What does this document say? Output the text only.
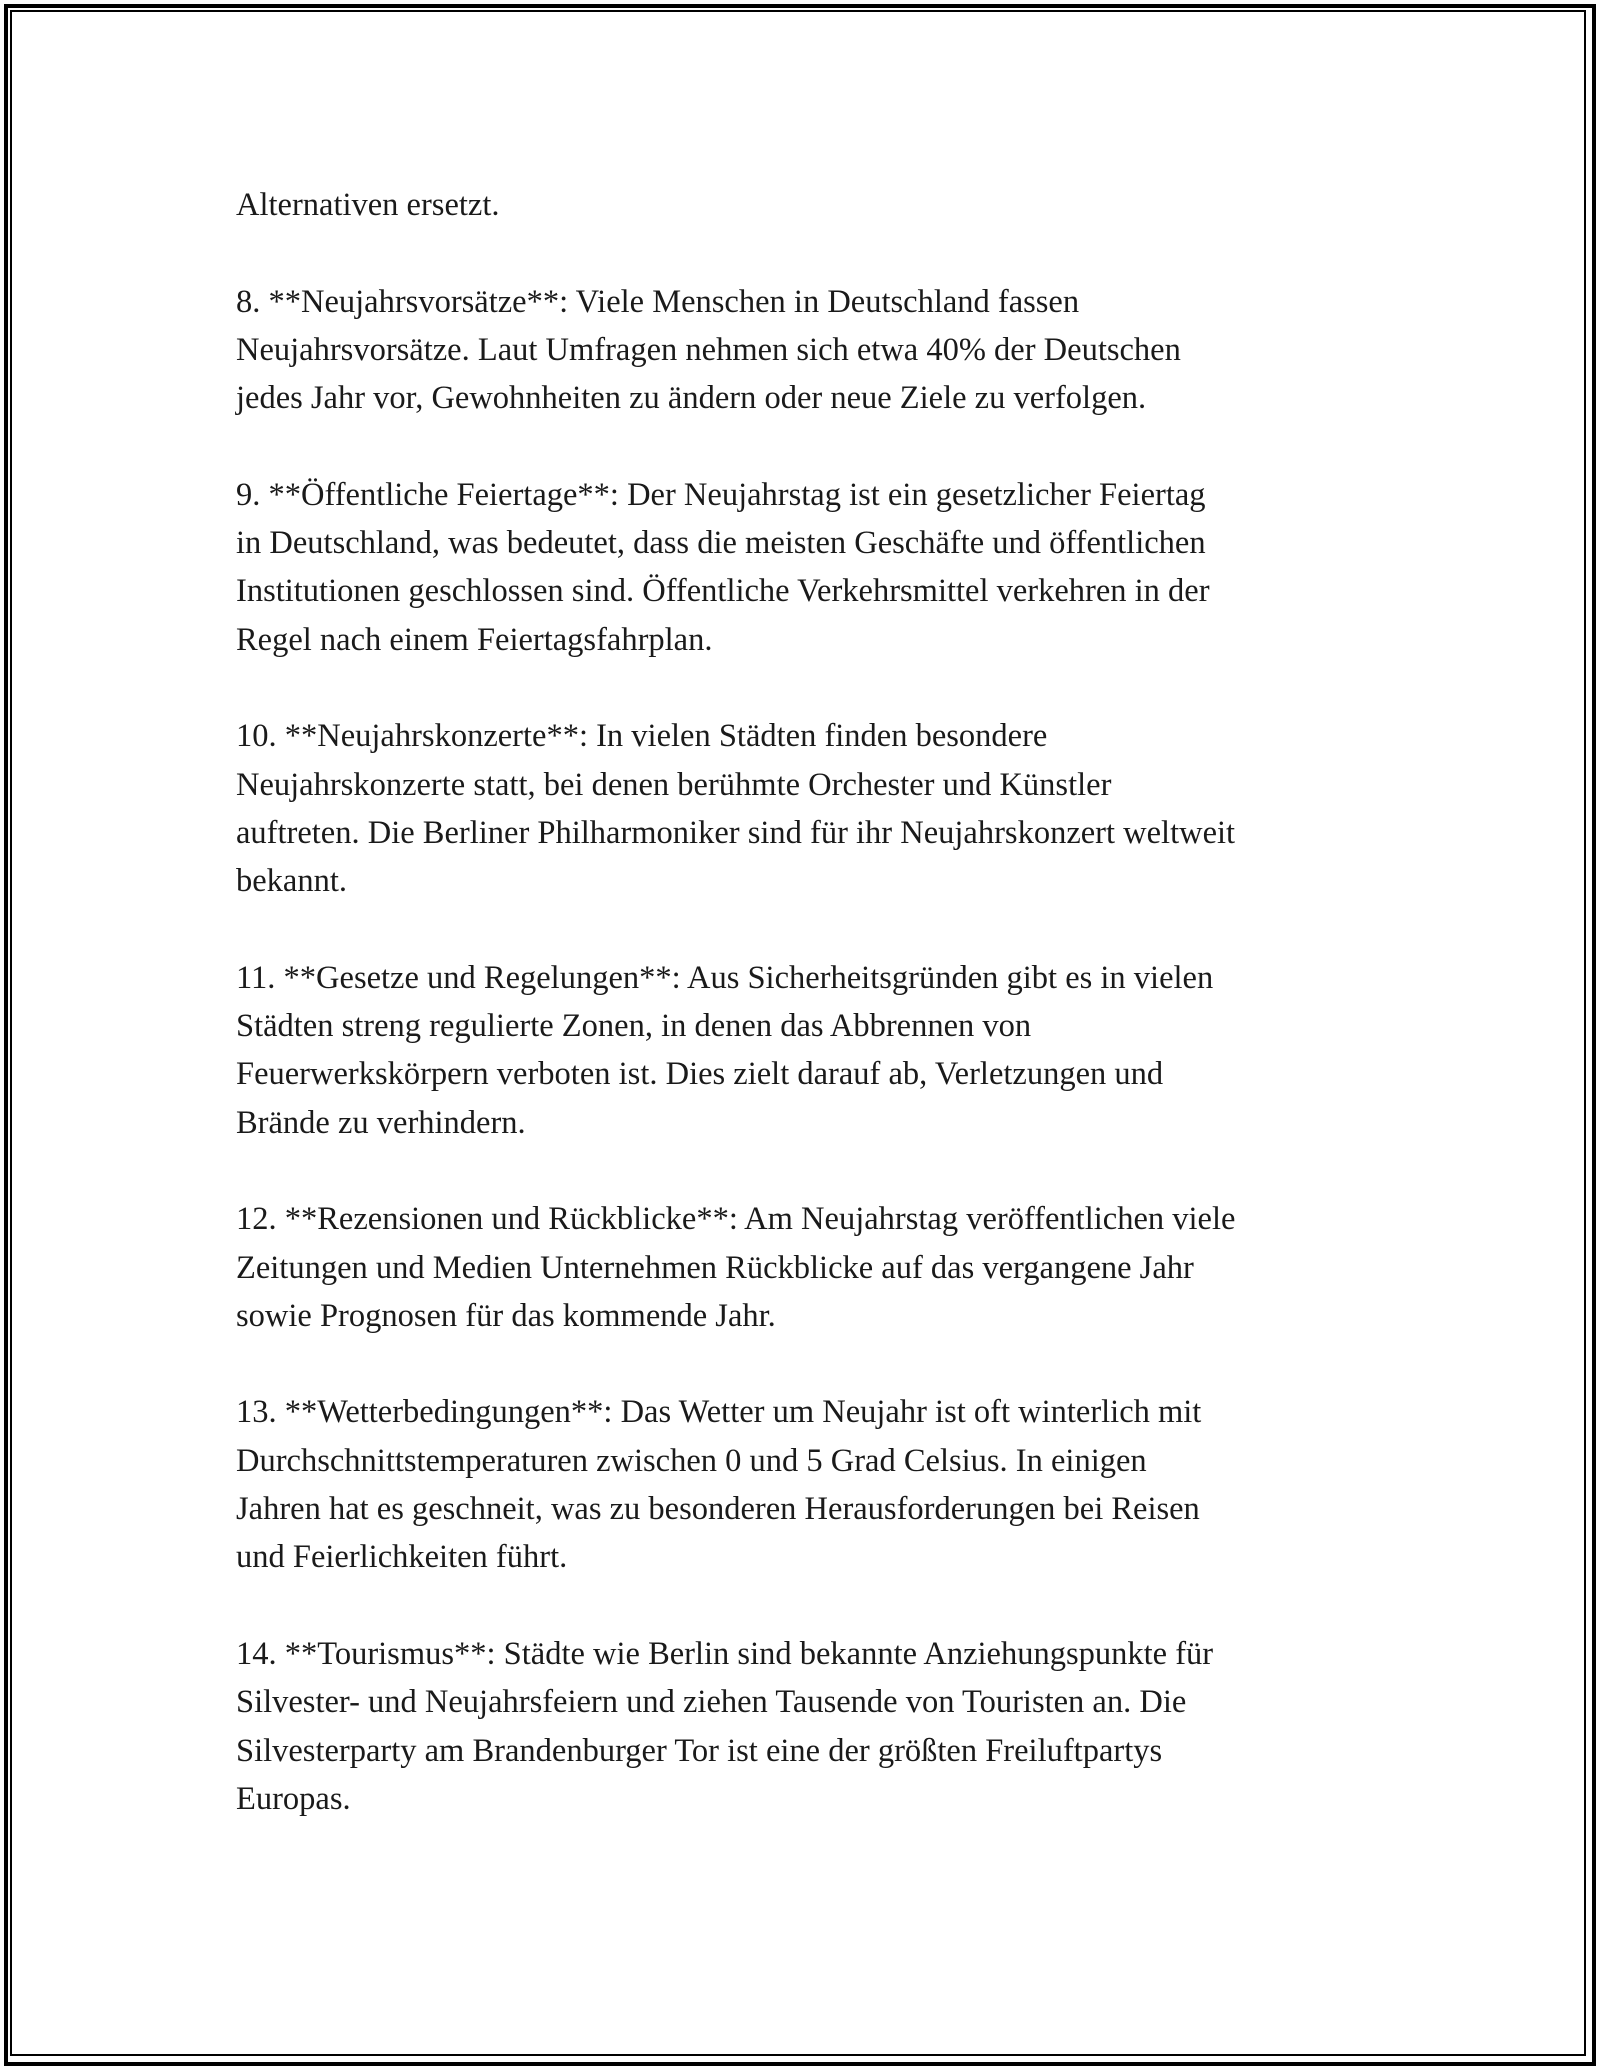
Alternativen ersetzt.

8. **Neujahrsvorsätze**: Viele Menschen in Deutschland fassen
Neujahrsvorsätze. Laut Umfragen nehmen sich etwa 40% der Deutschen
jedes Jahr vor, Gewohnheiten zu ändern oder neue Ziele zu verfolgen.

9. **Öffentliche Feiertage**: Der Neujahrstag ist ein gesetzlicher Feiertag
in Deutschland, was bedeutet, dass die meisten Geschäfte und öffentlichen
Institutionen geschlossen sind. Öffentliche Verkehrsmittel verkehren in der
Regel nach einem Feiertagsfahrplan.

10. **Neujahrskonzerte**: In vielen Städten finden besondere
Neujahrskonzerte statt, bei denen berühmte Orchester und Künstler
auftreten. Die Berliner Philharmoniker sind für ihr Neujahrskonzert weltweit
bekannt.

11. **Gesetze und Regelungen**: Aus Sicherheitsgründen gibt es in vielen
Städten streng regulierte Zonen, in denen das Abbrennen von
Feuerwerkskörpern verboten ist. Dies zielt darauf ab, Verletzungen und
Brände zu verhindern.

12. **Rezensionen und Rückblicke**: Am Neujahrstag veröffentlichen viele
Zeitungen und Medien Unternehmen Rückblicke auf das vergangene Jahr
sowie Prognosen für das kommende Jahr.

13. **Wetterbedingungen**: Das Wetter um Neujahr ist oft winterlich mit
Durchschnittstemperaturen zwischen 0 und 5 Grad Celsius. In einigen
Jahren hat es geschneit, was zu besonderen Herausforderungen bei Reisen
und Feierlichkeiten führt.

14. **Tourismus**: Städte wie Berlin sind bekannte Anziehungspunkte für
Silvester- und Neujahrsfeiern und ziehen Tausende von Touristen an. Die
Silvesterparty am Brandenburger Tor ist eine der größten Freiluftpartys
Europas.
